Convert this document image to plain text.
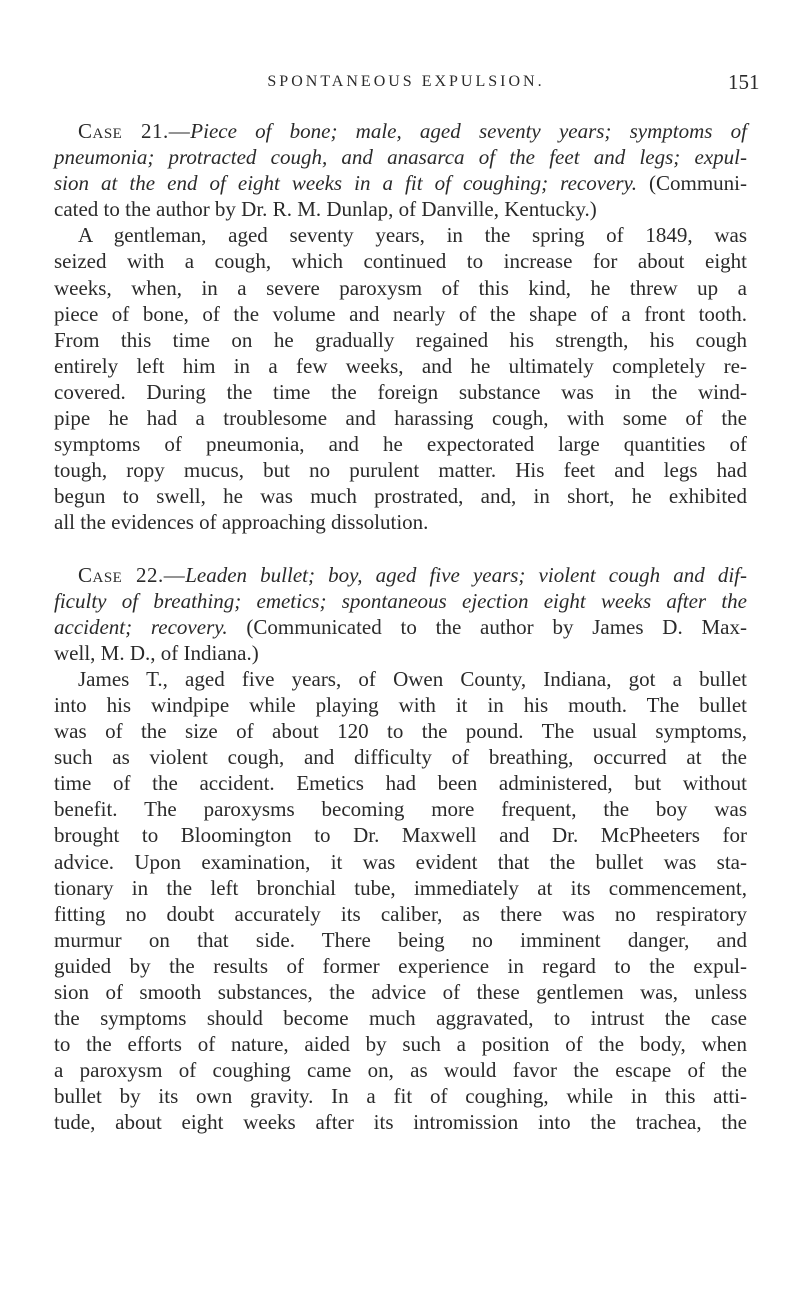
SPONTANEOUS EXPULSION.	151
Case 21.—Piece of bone; male, aged seventy years; symptoms of
pneumonia; protracted cough, and anasarca of the feet and legs; expul-
sion at the end of eight weeks in a fit of coughing; recovery. (Communi-
cated to the author by Dr. R. M. Dunlap, of Danville, Kentucky.)
A gentleman, aged seventy years, in the spring of 1849, was
seized with a cough, which continued to increase for about eight
weeks, when, in a severe paroxysm of this kind, he threw up a
piece of bone, of the volume and nearly of the shape of a front tooth.
From this time on he gradually regained his strength, his cough
entirely left him in a few weeks, and he ultimately completely re-
covered. During the time the foreign substance was in the wind-
pipe he had a troublesome and harassing cough, with some of the
symptoms of pneumonia, and he expectorated large quantities of
tough, ropy mucus, but no purulent matter. His feet and legs had
begun to swell, he was much prostrated, and, in short, he exhibited
all the evidences of approaching dissolution.
Case 22.—Leaden bullet; boy, aged five years; violent cough and dif-
ficulty of breathing; emetics; spontaneous ejection eight weeks after the
accident; recovery. (Communicated to the author by James D. Max-
well, M. D., of Indiana.)
James T., aged five years, of Owen County, Indiana, got a bullet
into his windpipe while playing with it in his mouth. The bullet
was of the size of about 120 to the pound. The usual symptoms,
such as violent cough, and difficulty of breathing, occurred at the
time of the accident. Emetics had been administered, but without
benefit. The paroxysms becoming more frequent, the boy was
brought to Bloomington to Dr. Maxwell and Dr. McPheeters for
advice. Upon examination, it was evident that the bullet was sta-
tionary in the left bronchial tube, immediately at its commencement,
fitting no doubt accurately its caliber, as there was no respiratory
murmur on that side. There being no imminent danger, and
guided by the results of former experience in regard to the expul-
sion of smooth substances, the advice of these gentlemen was, unless
the symptoms should become much aggravated, to intrust the case
to the efforts of nature, aided by such a position of the body, when
a paroxysm of coughing came on, as would favor the escape of the
bullet by its own gravity. In a fit of coughing, while in this atti-
tude, about eight weeks after its intromission into the trachea, the
